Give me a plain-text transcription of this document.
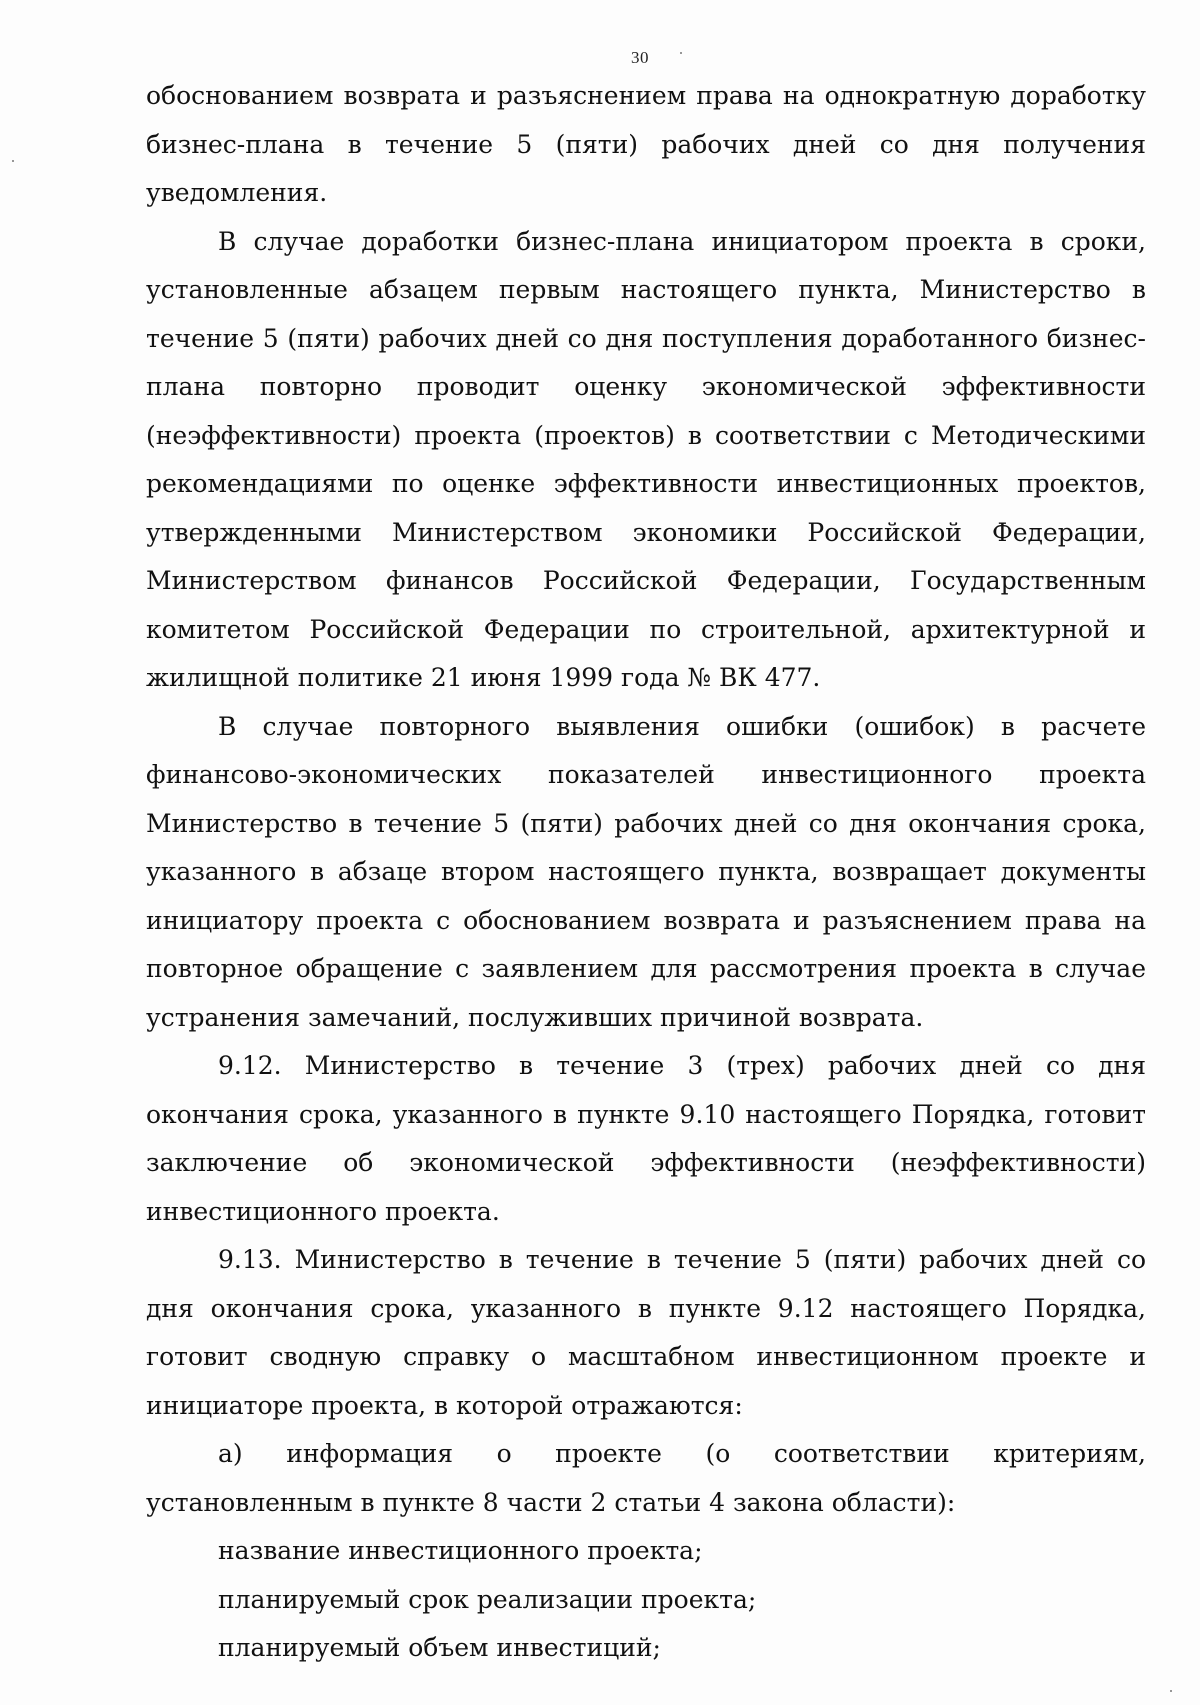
30

обоснованием возврата и разъяснением права на однократную доработку бизнес-плана в течение 5 (пяти) рабочих дней со дня получения уведомления.

В случае доработки бизнес-плана инициатором проекта в сроки, установленные абзацем первым настоящего пункта, Министерство в течение 5 (пяти) рабочих дней со дня поступления доработанного бизнес-плана повторно проводит оценку экономической эффективности (неэффективности) проекта (проектов) в соответствии с Методическими рекомендациями по оценке эффективности инвестиционных проектов, утвержденными Министерством экономики Российской Федерации, Министерством финансов Российской Федерации, Государственным комитетом Российской Федерации по строительной, архитектурной и жилищной политике 21 июня 1999 года № ВК 477.

В случае повторного выявления ошибки (ошибок) в расчете финансово-экономических показателей инвестиционного проекта Министерство в течение 5 (пяти) рабочих дней со дня окончания срока, указанного в абзаце втором настоящего пункта, возвращает документы инициатору проекта с обоснованием возврата и разъяснением права на повторное обращение с заявлением для рассмотрения проекта в случае устранения замечаний, послуживших причиной возврата.

9.12. Министерство в течение 3 (трех) рабочих дней со дня окончания срока, указанного в пункте 9.10 настоящего Порядка, готовит заключение об экономической эффективности (неэффективности) инвестиционного проекта.

9.13. Министерство в течение в течение 5 (пяти) рабочих дней со дня окончания срока, указанного в пункте 9.12 настоящего Порядка, готовит сводную справку о масштабном инвестиционном проекте и инициаторе проекта, в которой отражаются:

а) информация о проекте (о соответствии критериям, установленным в пункте 8 части 2 статьи 4 закона области):

название инвестиционного проекта;

планируемый срок реализации проекта;

планируемый объем инвестиций;
